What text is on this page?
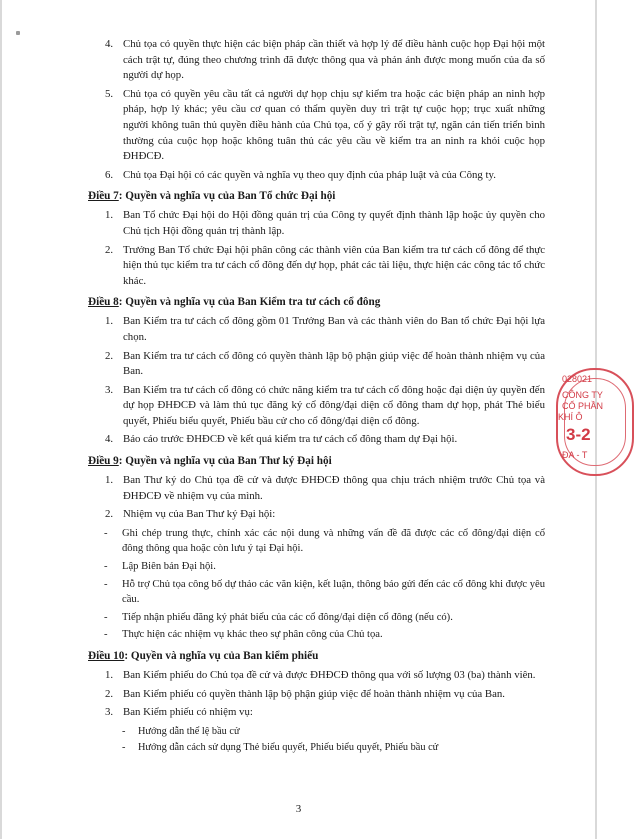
4. Chủ tọa có quyền thực hiện các biện pháp cần thiết và hợp lý để điều hành cuộc họp Đại hội một cách trật tự, đúng theo chương trình đã được thông qua và phản ánh được mong muốn của đa số người dự họp.
5. Chủ tọa có quyền yêu cầu tất cả người dự họp chịu sự kiểm tra hoặc các biện pháp an ninh hợp pháp, hợp lý khác; yêu cầu cơ quan có thẩm quyền duy trì trật tự cuộc họp; trục xuất những người không tuân thủ quyền điều hành của Chủ tọa, cố ý gây rối trật tự, ngăn cản tiến triển bình thường của cuộc họp hoặc không tuân thủ các yêu cầu về kiểm tra an ninh ra khỏi cuộc họp ĐHĐCĐ.
6. Chủ tọa Đại hội có các quyền và nghĩa vụ theo quy định của pháp luật và của Công ty.
Điều 7: Quyền và nghĩa vụ của Ban Tổ chức Đại hội
1. Ban Tổ chức Đại hội do Hội đồng quản trị của Công ty quyết định thành lập hoặc ủy quyền cho Chủ tịch Hội đồng quản trị thành lập.
2. Trưởng Ban Tổ chức Đại hội phân công các thành viên của Ban kiểm tra tư cách cổ đông để thực hiện thủ tục kiểm tra tư cách cổ đông đến dự họp, phát các tài liệu, thực hiện các công tác tổ chức khác.
Điều 8: Quyền và nghĩa vụ của Ban Kiểm tra tư cách cổ đông
1. Ban Kiểm tra tư cách cổ đông gồm 01 Trưởng Ban và các thành viên do Ban tổ chức Đại hội lựa chọn.
2. Ban Kiểm tra tư cách cổ đông có quyền thành lập bộ phận giúp việc để hoàn thành nhiệm vụ của Ban.
3. Ban Kiểm tra tư cách cổ đông có chức năng kiểm tra tư cách cổ đông hoặc đại diện ủy quyền đến dự họp ĐHĐCĐ và làm thủ tục đăng ký cổ đông/đại diện cổ đông tham dự họp, phát Thẻ biểu quyết, Phiếu biểu quyết, Phiếu bầu cử cho cổ đông/đại diện cổ đông.
4. Báo cáo trước ĐHĐCĐ về kết quả kiểm tra tư cách cổ đông tham dự Đại hội.
Điều 9: Quyền và nghĩa vụ của Ban Thư ký Đại hội
1. Ban Thư ký do Chủ tọa đề cử và được ĐHĐCĐ thông qua chịu trách nhiệm trước Chủ tọa và ĐHĐCĐ về nhiệm vụ của mình.
2. Nhiệm vụ của Ban Thư ký Đại hội:
- Ghi chép trung thực, chính xác các nội dung và những vấn đề đã được các cổ đông/đại diện cổ đông thông qua hoặc còn lưu ý tại Đại hội.
- Lập Biên bản Đại hội.
- Hỗ trợ Chủ tọa công bố dự thảo các văn kiện, kết luận, thông báo gửi đến các cổ đông khi được yêu cầu.
- Tiếp nhận phiếu đăng ký phát biểu của các cổ đông/đại diện cổ đông (nếu có).
- Thực hiện các nhiệm vụ khác theo sự phân công của Chủ tọa.
Điều 10: Quyền và nghĩa vụ của Ban kiểm phiếu
1. Ban Kiểm phiếu do Chủ tọa đề cử và được ĐHĐCĐ thông qua với số lượng 03 (ba) thành viên.
2. Ban Kiểm phiếu có quyền thành lập bộ phận giúp việc để hoàn thành nhiệm vụ của Ban.
3. Ban Kiểm phiếu có nhiệm vụ:
- Hướng dẫn thể lệ bầu cử
- Hướng dẫn cách sử dụng Thẻ biểu quyết, Phiếu biểu quyết, Phiếu bầu cử
3
028021
CÔNG TY
CỔ PHẦN
KHÍ Ô
3-2
ĐA - T
